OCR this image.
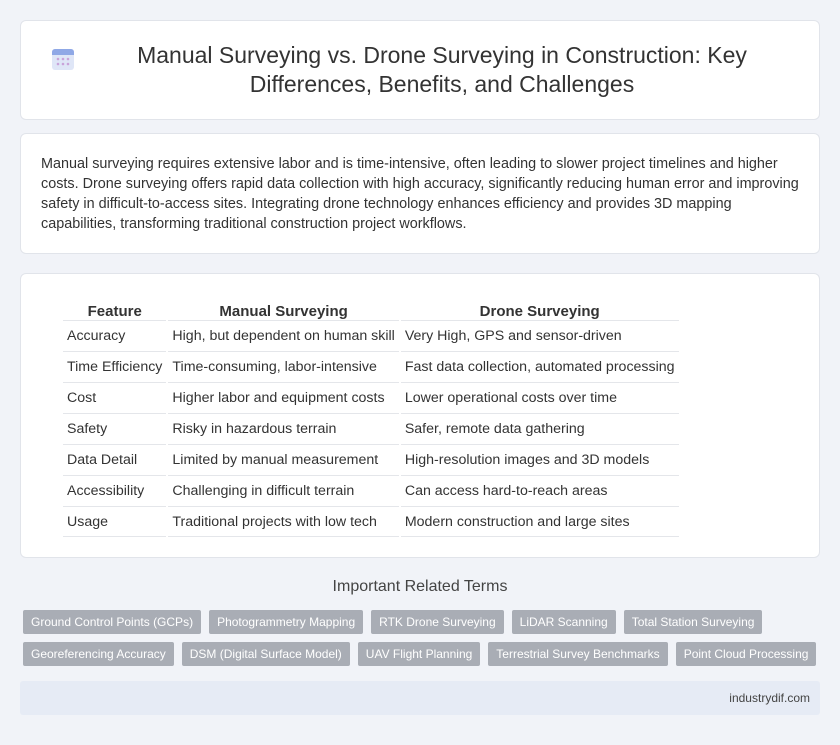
Manual Surveying vs. Drone Surveying in Construction: Key Differences, Benefits, and Challenges

Manual surveying requires extensive labor and is time-intensive, often leading to slower project timelines and higher costs. Drone surveying offers rapid data collection with high accuracy, significantly reducing human error and improving safety in difficult-to-access sites. Integrating drone technology enhances efficiency and provides 3D mapping capabilities, transforming traditional construction project workflows.

Feature	Manual Surveying	Drone Surveying
Accuracy	High, but dependent on human skill	Very High, GPS and sensor-driven
Time Efficiency	Time-consuming, labor-intensive	Fast data collection, automated processing
Cost	Higher labor and equipment costs	Lower operational costs over time
Safety	Risky in hazardous terrain	Safer, remote data gathering
Data Detail	Limited by manual measurement	High-resolution images and 3D models
Accessibility	Challenging in difficult terrain	Can access hard-to-reach areas
Usage	Traditional projects with low tech	Modern construction and large sites
Important Related Terms
Ground Control Points (GCPs)	Photogrammetry Mapping	RTK Drone Surveying	LiDAR Scanning	Total Station Surveying
Georeferencing Accuracy	DSM (Digital Surface Model)	UAV Flight Planning	Terrestrial Survey Benchmarks	Point Cloud Processing
industrydif.com
